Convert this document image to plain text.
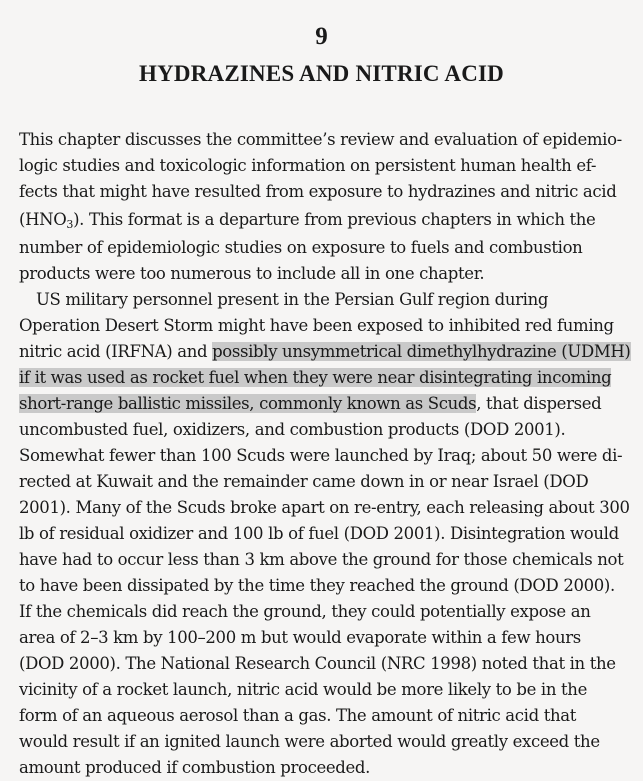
9
HYDRAZINES AND NITRIC ACID
This chapter discusses the committee’s review and evaluation of epidemio-
logic studies and toxicologic information on persistent human health ef-
fects that might have resulted from exposure to hydrazines and nitric acid
$(HNO_3)$. This format is a departure from previous chapters in which the
number of epidemiologic studies on exposure to fuels and combustion
products were too numerous to include all in one chapter.
US military personnel present in the Persian Gulf region during
Operation Desert Storm might have been exposed to inhibited red fuming
nitric acid (IRFNA) and possibly unsymmetrical dimethylhydrazine (UDMH)
if it was used as rocket fuel when they were near disintegrating incoming
short-range ballistic missiles, commonly known as Scuds, that dispersed
uncombusted fuel, oxidizers, and combustion products (DOD 2001).
Somewhat fewer than 100 Scuds were launched by Iraq; about 50 were di-
rected at Kuwait and the remainder came down in or near Israel (DOD
2001). Many of the Scuds broke apart on re-entry, each releasing about 300
lb of residual oxidizer and 100 lb of fuel (DOD 2001). Disintegration would
have had to occur less than 3 km above the ground for those chemicals not
to have been dissipated by the time they reached the ground (DOD 2000).
If the chemicals did reach the ground, they could potentially expose an
area of 2–3 km by 100–200 m but would evaporate within a few hours
(DOD 2000). The National Research Council (NRC 1998) noted that in the
vicinity of a rocket launch, nitric acid would be more likely to be in the
form of an aqueous aerosol than a gas. The amount of nitric acid that
would result if an ignited launch were aborted would greatly exceed the
amount produced if combustion proceeded.
